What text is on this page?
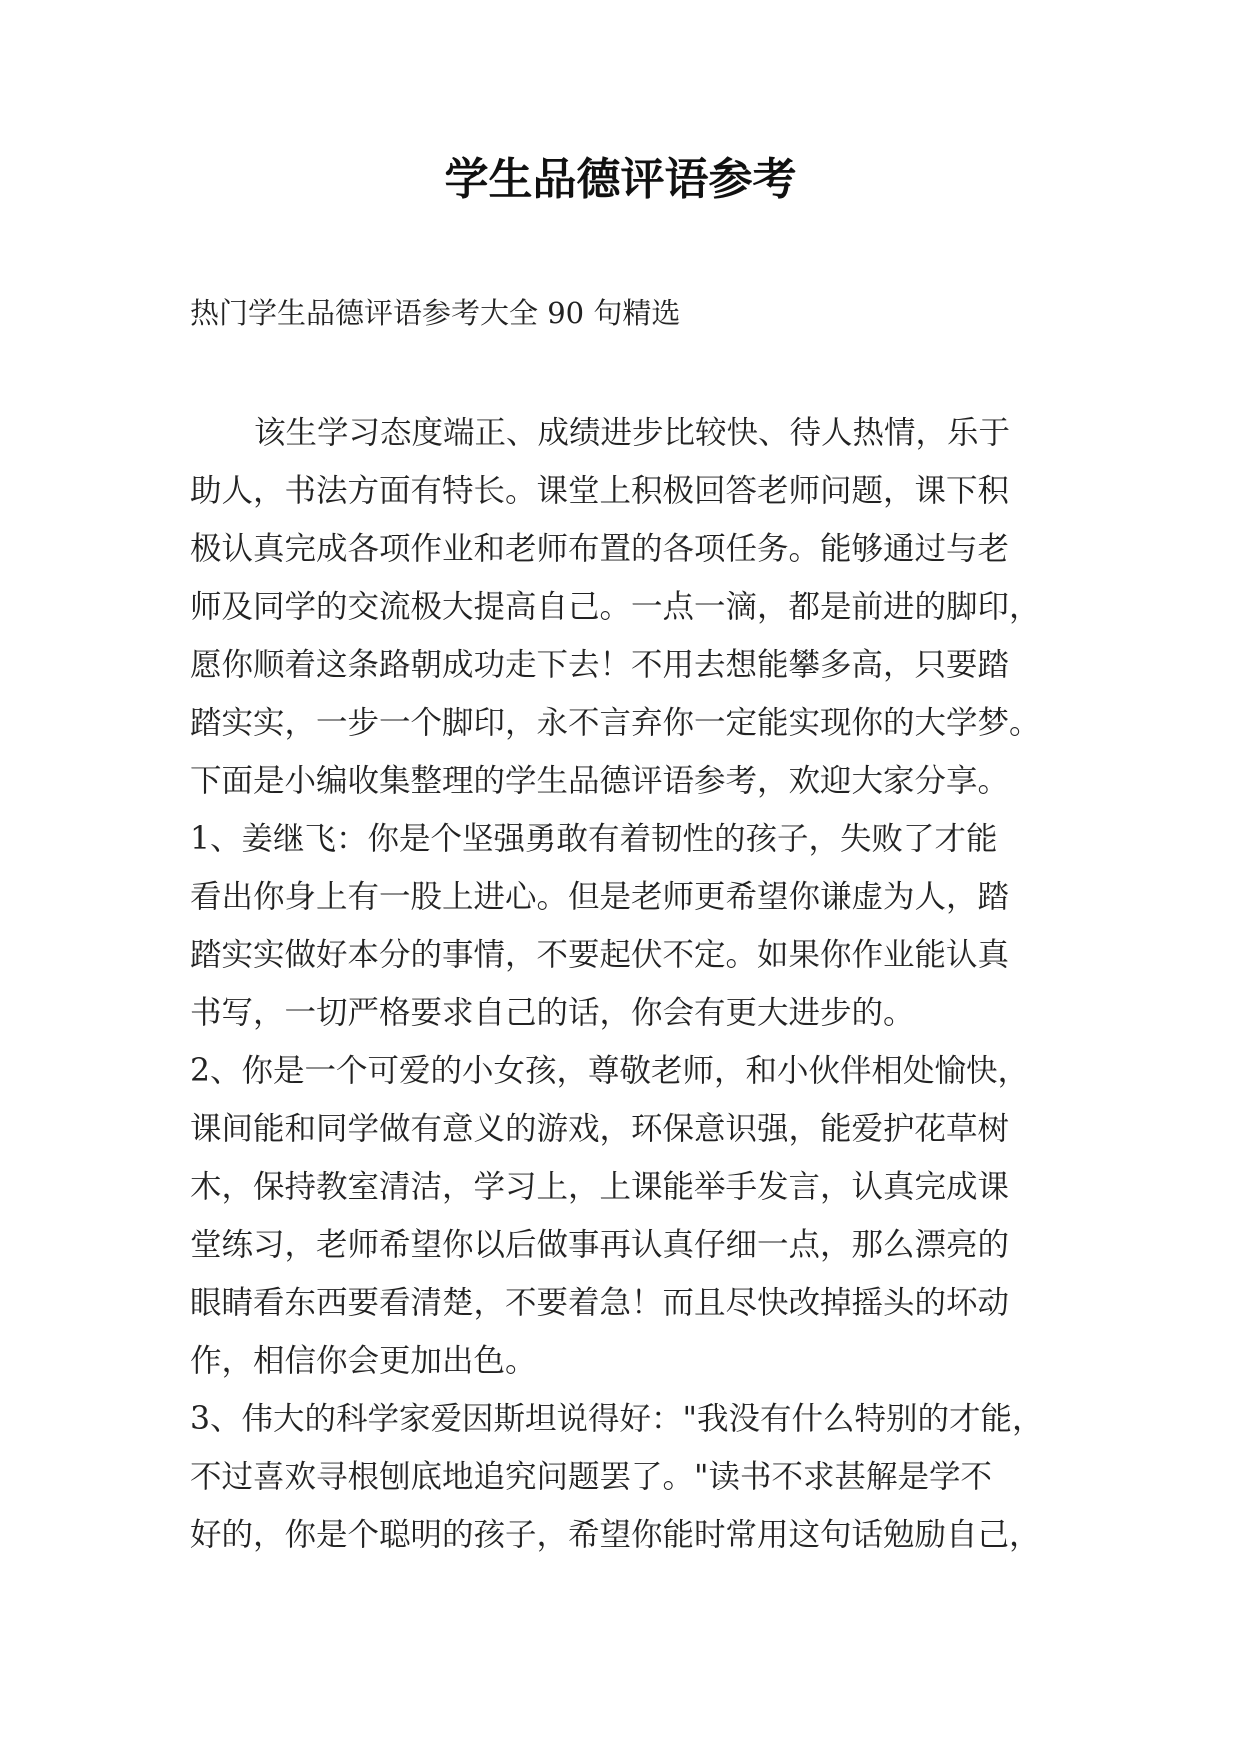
学生品德评语参考

热门学生品德评语参考大全 90 句精选

该生学习态度端正、成绩进步比较快、待人热情，乐于
助人，书法方面有特长。课堂上积极回答老师问题，课下积
极认真完成各项作业和老师布置的各项任务。能够通过与老
师及同学的交流极大提高自己。一点一滴，都是前进的脚印，
愿你顺着这条路朝成功走下去！不用去想能攀多高，只要踏
踏实实，一步一个脚印，永不言弃你一定能实现你的大学梦。
下面是小编收集整理的学生品德评语参考，欢迎大家分享。
1、姜继飞：你是个坚强勇敢有着韧性的孩子，失败了才能
看出你身上有一股上进心。但是老师更希望你谦虚为人，踏
踏实实做好本分的事情，不要起伏不定。如果你作业能认真
书写，一切严格要求自己的话，你会有更大进步的。
2、你是一个可爱的小女孩，尊敬老师，和小伙伴相处愉快，
课间能和同学做有意义的游戏，环保意识强，能爱护花草树
木，保持教室清洁，学习上，上课能举手发言，认真完成课
堂练习，老师希望你以后做事再认真仔细一点，那么漂亮的
眼睛看东西要看清楚，不要着急！而且尽快改掉摇头的坏动
作，相信你会更加出色。
3、伟大的科学家爱因斯坦说得好："我没有什么特别的才能，
不过喜欢寻根刨底地追究问题罢了。"读书不求甚解是学不
好的，你是个聪明的孩子，希望你能时常用这句话勉励自己，
